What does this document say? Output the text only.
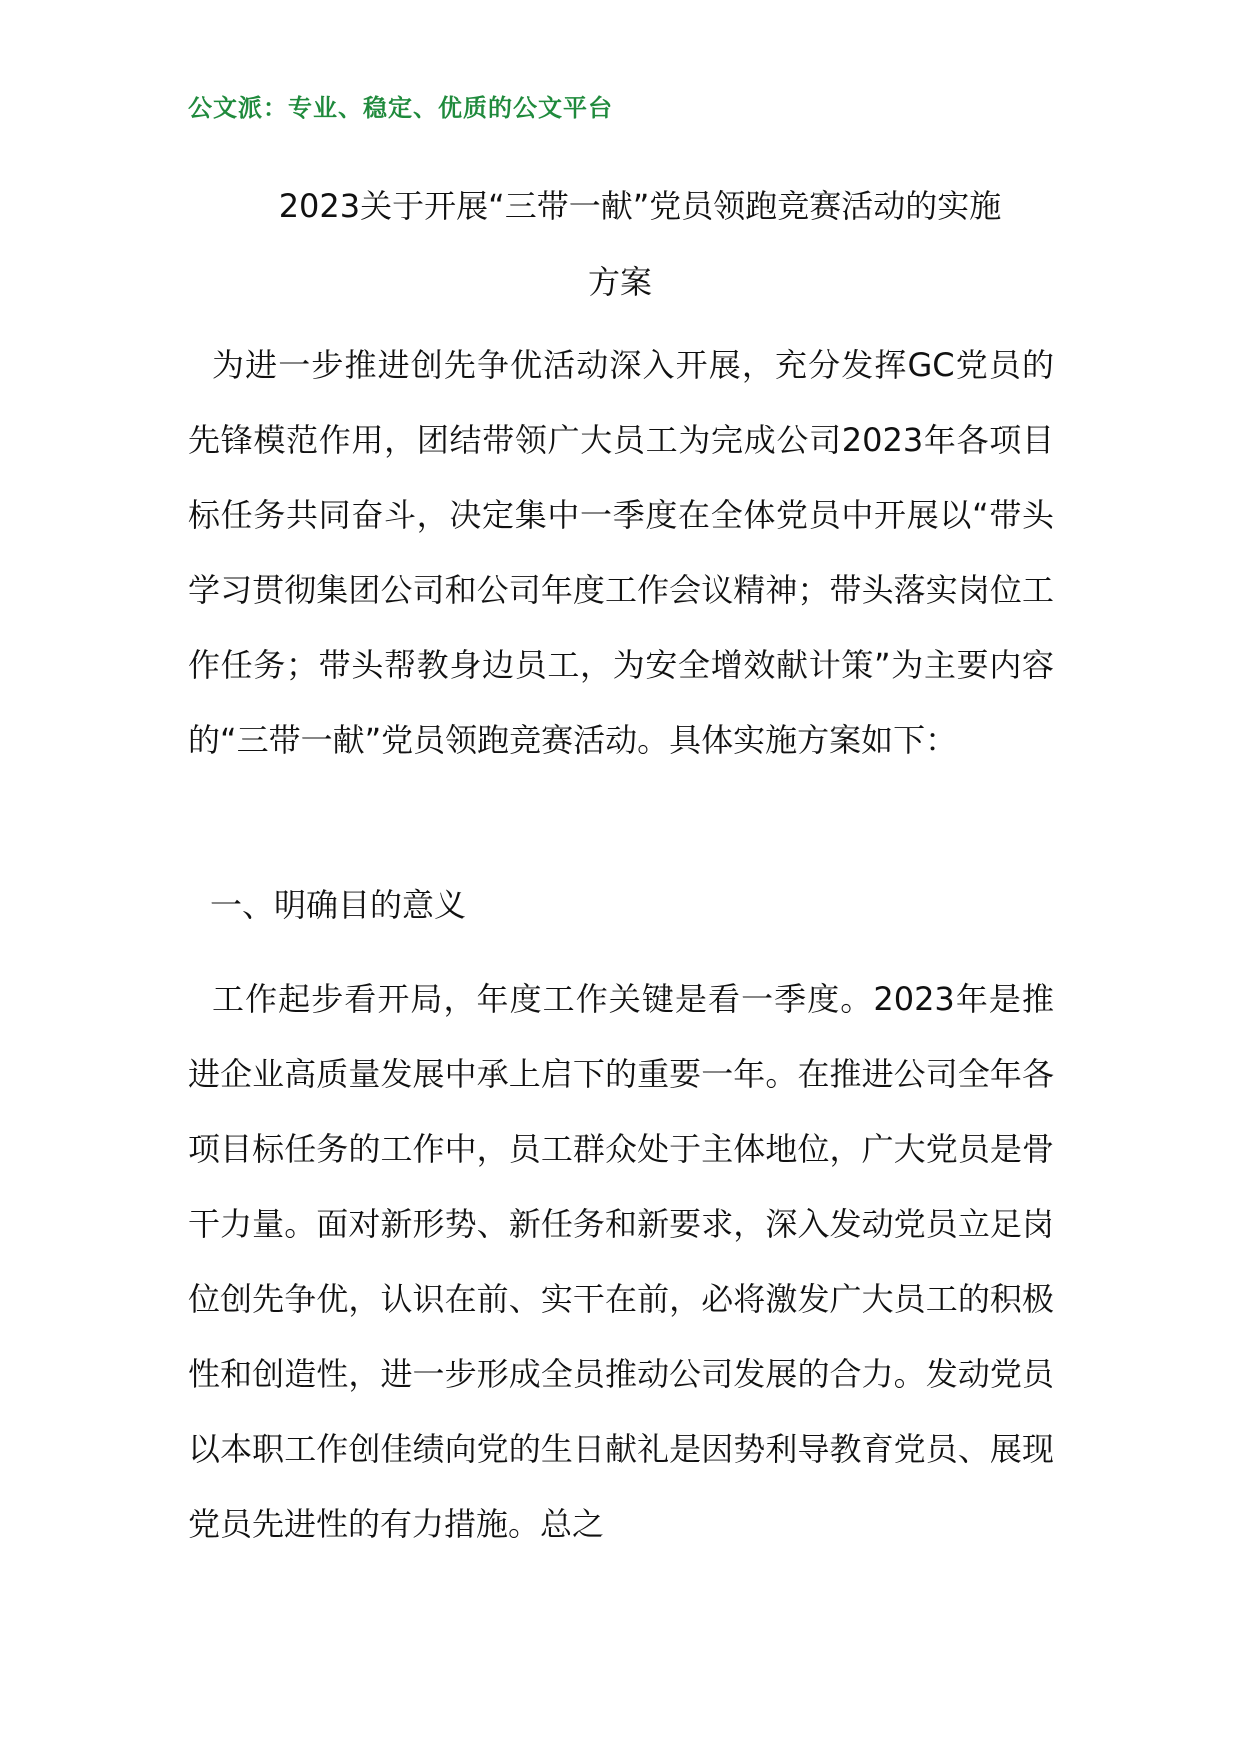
公文派：专业、稳定、优质的公文平台
2023关于开展“三带一献”党员领跑竞赛活动的实施
方案

为进一步推进创先争优活动深入开展，充分发挥GC党员的先锋模范作用，团结带领广大员工为完成公司2023年各项目标任务共同奋斗，决定集中一季度在全体党员中开展以“带头学习贯彻集团公司和公司年度工作会议精神；带头落实岗位工作任务；带头帮教身边员工，为安全增效献计策”为主要内容的“三带一献”党员领跑竞赛活动。具体实施方案如下：

一、明确目的意义

工作起步看开局，年度工作关键是看一季度。2023年是推进企业高质量发展中承上启下的重要一年。在推进公司全年各项目标任务的工作中，员工群众处于主体地位，广大党员是骨干力量。面对新形势、新任务和新要求，深入发动党员立足岗位创先争优，认识在前、实干在前，必将激发广大员工的积极性和创造性，进一步形成全员推动公司发展的合力。发动党员以本职工作创佳绩向党的生日献礼是因势利导教育党员、展现党员先进性的有力措施。总之
